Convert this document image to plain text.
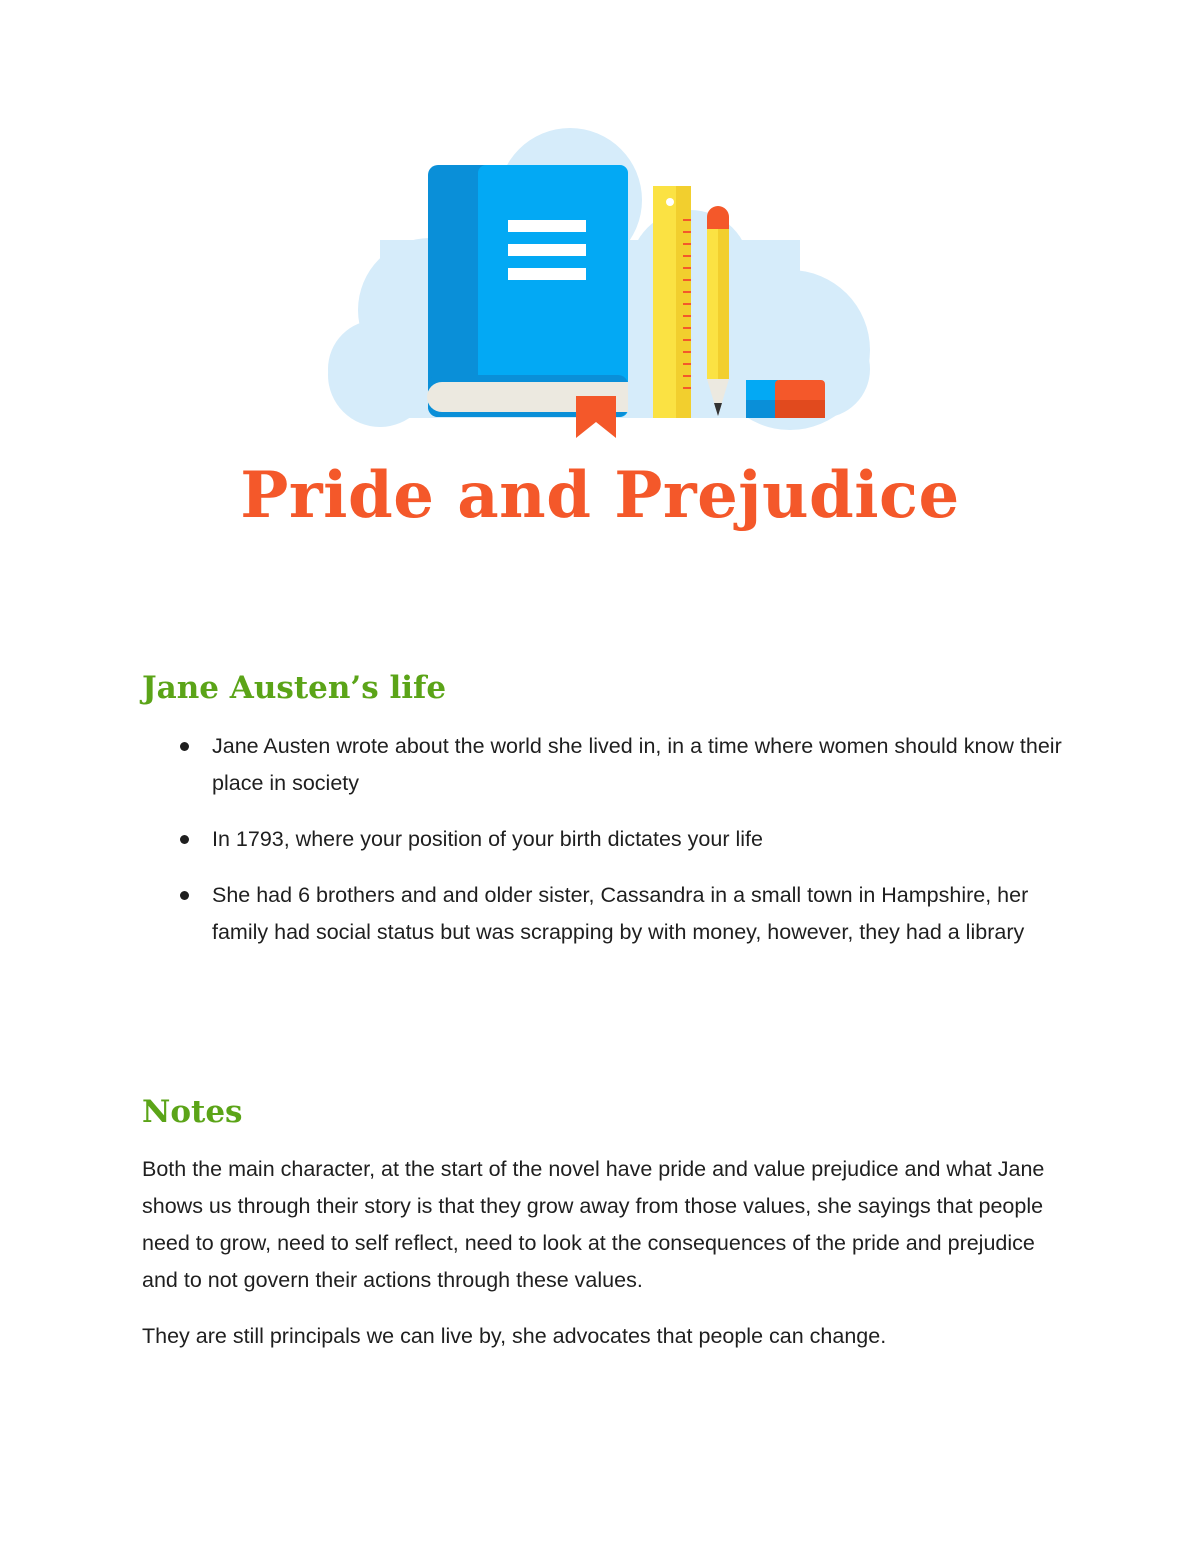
Pride and Prejudice
Jane Austen’s life
Jane Austen wrote about the world she lived in, in a time where women should know their place in society
In 1793, where your position of your birth dictates your life
She had 6 brothers and and older sister, Cassandra in a small town in Hampshire, her family had social status but was scrapping by with money, however, they had a library
Notes

Both the main character, at the start of the novel have pride and value prejudice and what Jane shows us through their story is that they grow away from those values, she sayings that people need to grow, need to self reflect, need to look at the consequences of the pride and prejudice and to not govern their actions through these values.

They are still principals we can live by, she advocates that people can change.
